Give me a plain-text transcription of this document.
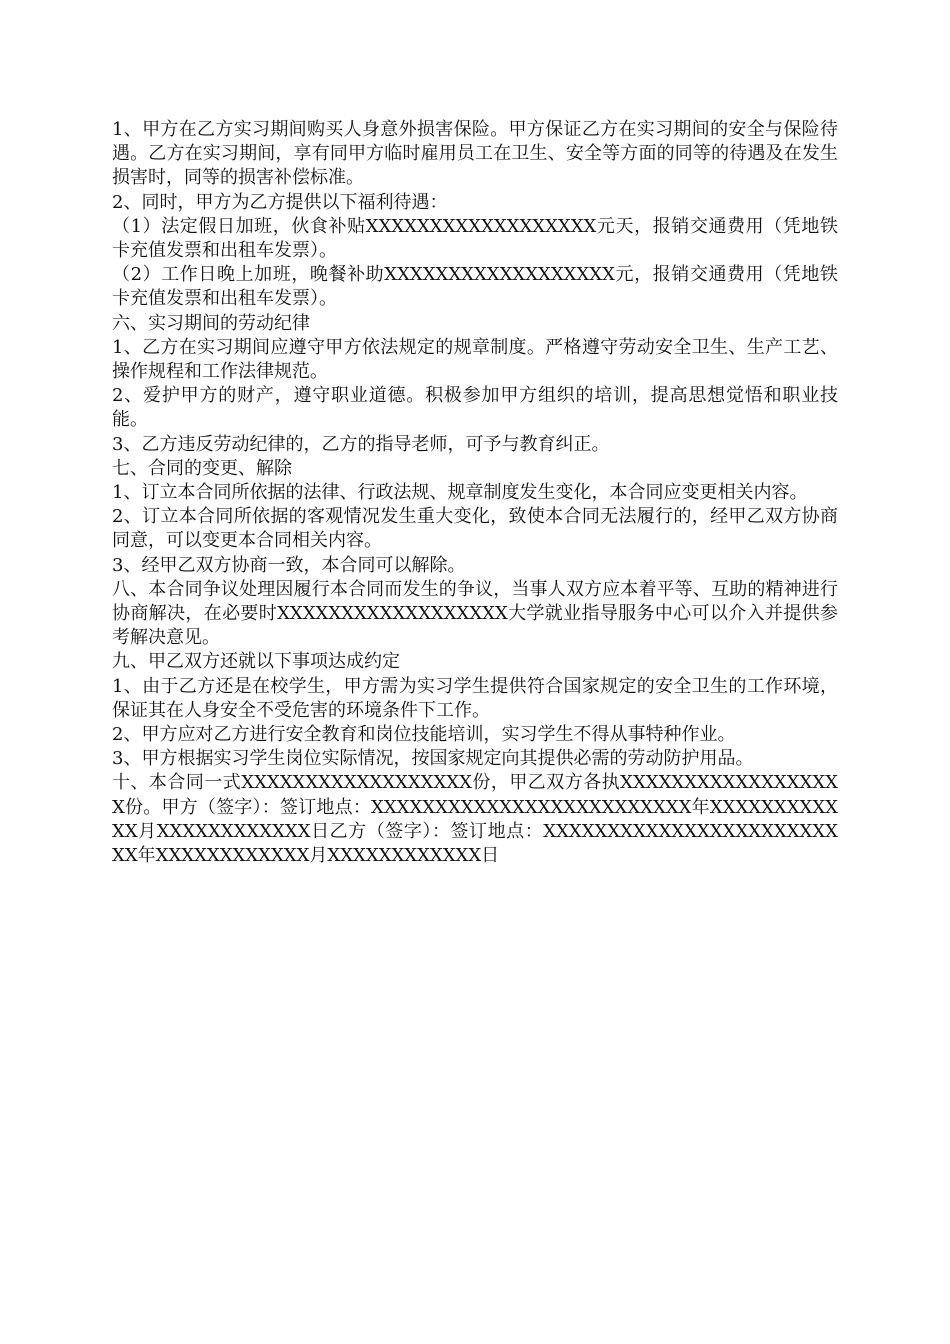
1、甲方在乙方实习期间购买人身意外损害保险。甲方保证乙方在实习期间的安全与保险待遇。乙方在实习期间，享有同甲方临时雇用员工在卫生、安全等方面的同等的待遇及在发生损害时，同等的损害补偿标准。

2、同时，甲方为乙方提供以下福利待遇：

（1）法定假日加班，伙食补贴XXXXXXXXXXXXXXXXXX元天，报销交通费用（凭地铁卡充值发票和出租车发票）。

（2）工作日晚上加班，晚餐补助XXXXXXXXXXXXXXXXXX元，报销交通费用（凭地铁卡充值发票和出租车发票）。

六、实习期间的劳动纪律

1、乙方在实习期间应遵守甲方依法规定的规章制度。严格遵守劳动安全卫生、生产工艺、操作规程和工作法律规范。

2、爱护甲方的财产，遵守职业道德。积极参加甲方组织的培训，提高思想觉悟和职业技能。

3、乙方违反劳动纪律的，乙方的指导老师，可予与教育纠正。

七、合同的变更、解除

1、订立本合同所依据的法律、行政法规、规章制度发生变化，本合同应变更相关内容。

2、订立本合同所依据的客观情况发生重大变化，致使本合同无法履行的，经甲乙双方协商同意，可以变更本合同相关内容。

3、经甲乙双方协商一致，本合同可以解除。

八、本合同争议处理因履行本合同而发生的争议，当事人双方应本着平等、互助的精神进行协商解决，在必要时XXXXXXXXXXXXXXXXXX大学就业指导服务中心可以介入并提供参考解决意见。

九、甲乙双方还就以下事项达成约定

1、由于乙方还是在校学生，甲方需为实习学生提供符合国家规定的安全卫生的工作环境，保证其在人身安全不受危害的环境条件下工作。

2、甲方应对乙方进行安全教育和岗位技能培训，实习学生不得从事特种作业。

3、甲方根据实习学生岗位实际情况，按国家规定向其提供必需的劳动防护用品。

十、本合同一式XXXXXXXXXXXXXXXXXX份，甲乙双方各执XXXXXXXXXXXXXXXXXX份。甲方（签字）：签订地点：XXXXXXXXXXXXXXXXXXXXXXXXX年XXXXXXXXXXXX月XXXXXXXXXXXX日乙方（签字）：签订地点：XXXXXXXXXXXXXXXXXXXXXXXXX年XXXXXXXXXXXX月XXXXXXXXXXXX日
